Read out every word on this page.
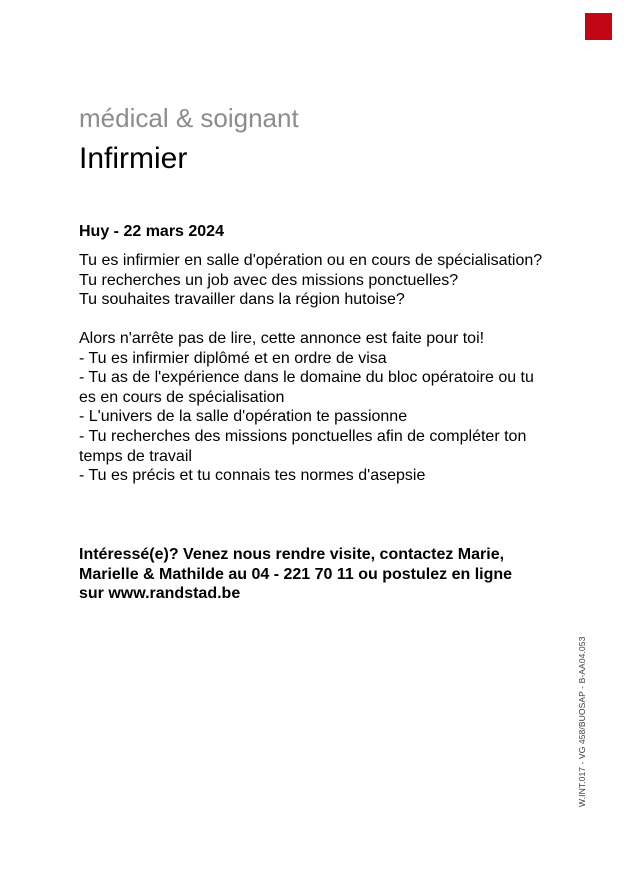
médical & soignant
Infirmier
Huy - 22 mars 2024
Tu es infirmier en salle d'opération ou en cours de spécialisation?
Tu recherches un job avec des missions ponctuelles?
Tu souhaites travailler dans la région hutoise?
Alors n'arrête pas de lire, cette annonce est faite pour toi!
- Tu es infirmier diplômé et en ordre de visa
- Tu as de l'expérience dans le domaine du bloc opératoire ou tu
es en cours de spécialisation
- L'univers de la salle d'opération te passionne
- Tu recherches des missions ponctuelles afin de compléter ton
temps de travail
- Tu es précis et tu connais tes normes d'asepsie
Intéressé(e)? Venez nous rendre visite, contactez Marie,
Marielle & Mathilde au 04 - 221 70 11 ou postulez en ligne
sur www.randstad.be
W.INT.017 - VG 458/BUOSAP - B-AA04.053
